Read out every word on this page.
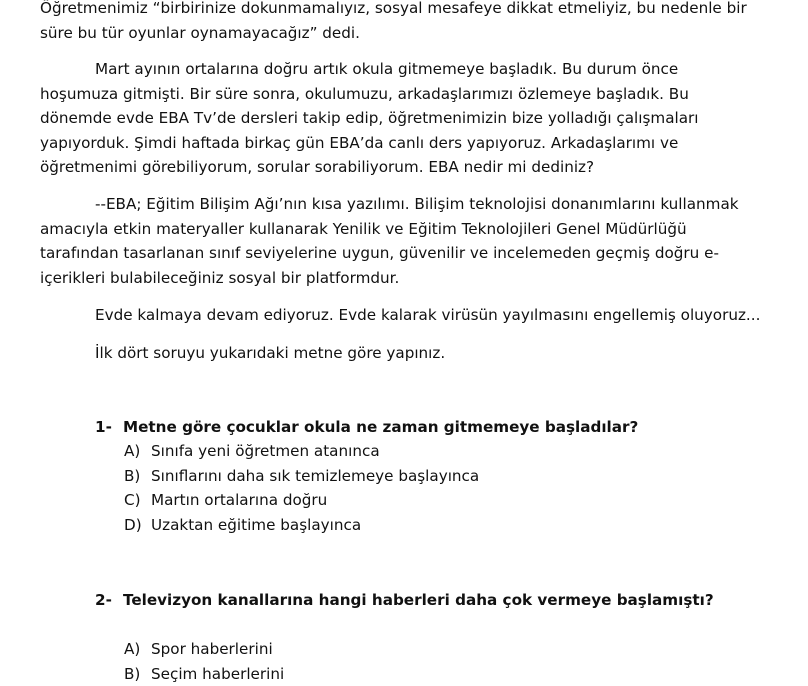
Öğretmenimiz “birbirinize dokunmamalıyız, sosyal mesafeye dikkat etmeliyiz, bu nedenle bir süre bu tür oyunlar oynamayacağız” dedi.

Mart ayının ortalarına doğru artık okula gitmemeye başladık. Bu durum önce hoşumuza gitmişti. Bir süre sonra, okulumuzu, arkadaşlarımızı özlemeye başladık. Bu dönemde evde EBA Tv’de dersleri takip edip, öğretmenimizin bize yolladığı çalışmaları yapıyorduk. Şimdi haftada birkaç gün EBA’da canlı ders yapıyoruz. Arkadaşlarımı ve öğretmenimi görebiliyorum, sorular sorabiliyorum. EBA nedir mi dediniz?

--EBA; Eğitim Bilişim Ağı’nın kısa yazılımı. Bilişim teknolojisi donanımlarını kullanmak amacıyla etkin materyaller kullanarak Yenilik ve Eğitim Teknolojileri Genel Müdürlüğü tarafından tasarlanan sınıf seviyelerine uygun, güvenilir ve incelemeden geçmiş doğru e-içerikleri bulabileceğiniz sosyal bir platformdur.

Evde kalmaya devam ediyoruz. Evde kalarak virüsün yayılmasını engellemiş oluyoruz...

İlk dört soruyu yukarıdaki metne göre yapınız.

1- Metne göre çocuklar okula ne zaman gitmemeye başladılar?
A) Sınıfa yeni öğretmen atanınca
B) Sınıflarını daha sık temizlemeye başlayınca
C) Martın ortalarına doğru
D) Uzaktan eğitime başlayınca
2- Televizyon kanallarına hangi haberleri daha çok vermeye başlamıştı?
A) Spor haberlerini
B) Seçim haberlerini
